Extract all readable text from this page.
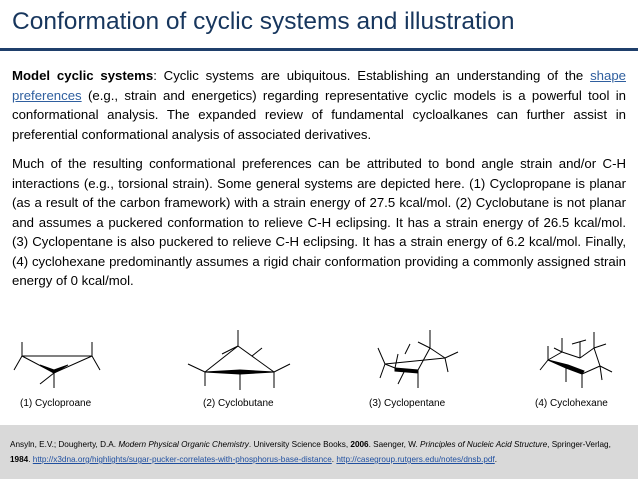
Conformation of cyclic systems and illustration
Model cyclic systems: Cyclic systems are ubiquitous. Establishing an understanding of the shape preferences (e.g., strain and energetics) regarding representative cyclic models is a powerful tool in conformational analysis. The expanded review of fundamental cycloalkanes can further assist in preferential conformational analysis of associated derivatives.
Much of the resulting conformational preferences can be attributed to bond angle strain and/or C-H interactions (e.g., torsional strain). Some general systems are depicted here. (1) Cyclopropane is planar (as a result of the carbon framework) with a strain energy of 27.5 kcal/mol. (2) Cyclobutane is not planar and assumes a puckered conformation to relieve C-H eclipsing. It has a strain energy of 26.5 kcal/mol. (3) Cyclopentane is also puckered to relieve C-H eclipsing. It has a strain energy of 6.2 kcal/mol. Finally, (4) cyclohexane predominantly assumes a rigid chair conformation providing a commonly assigned strain energy of 0 kcal/mol.
(1) Cycloproane	(2) Cyclobutane	(3) Cyclopentane	(4) Cyclohexane
Ansyln, E.V.; Dougherty, D.A. Modern Physical Organic Chemistry. University Science Books, 2006. Saenger, W. Principles of Nucleic Acid Structure, Springer-Verlag, 1984. http://x3dna.org/highlights/sugar-pucker-correlates-with-phosphorus-base-distance. http://casegroup.rutgers.edu/notes/dnsb.pdf.
